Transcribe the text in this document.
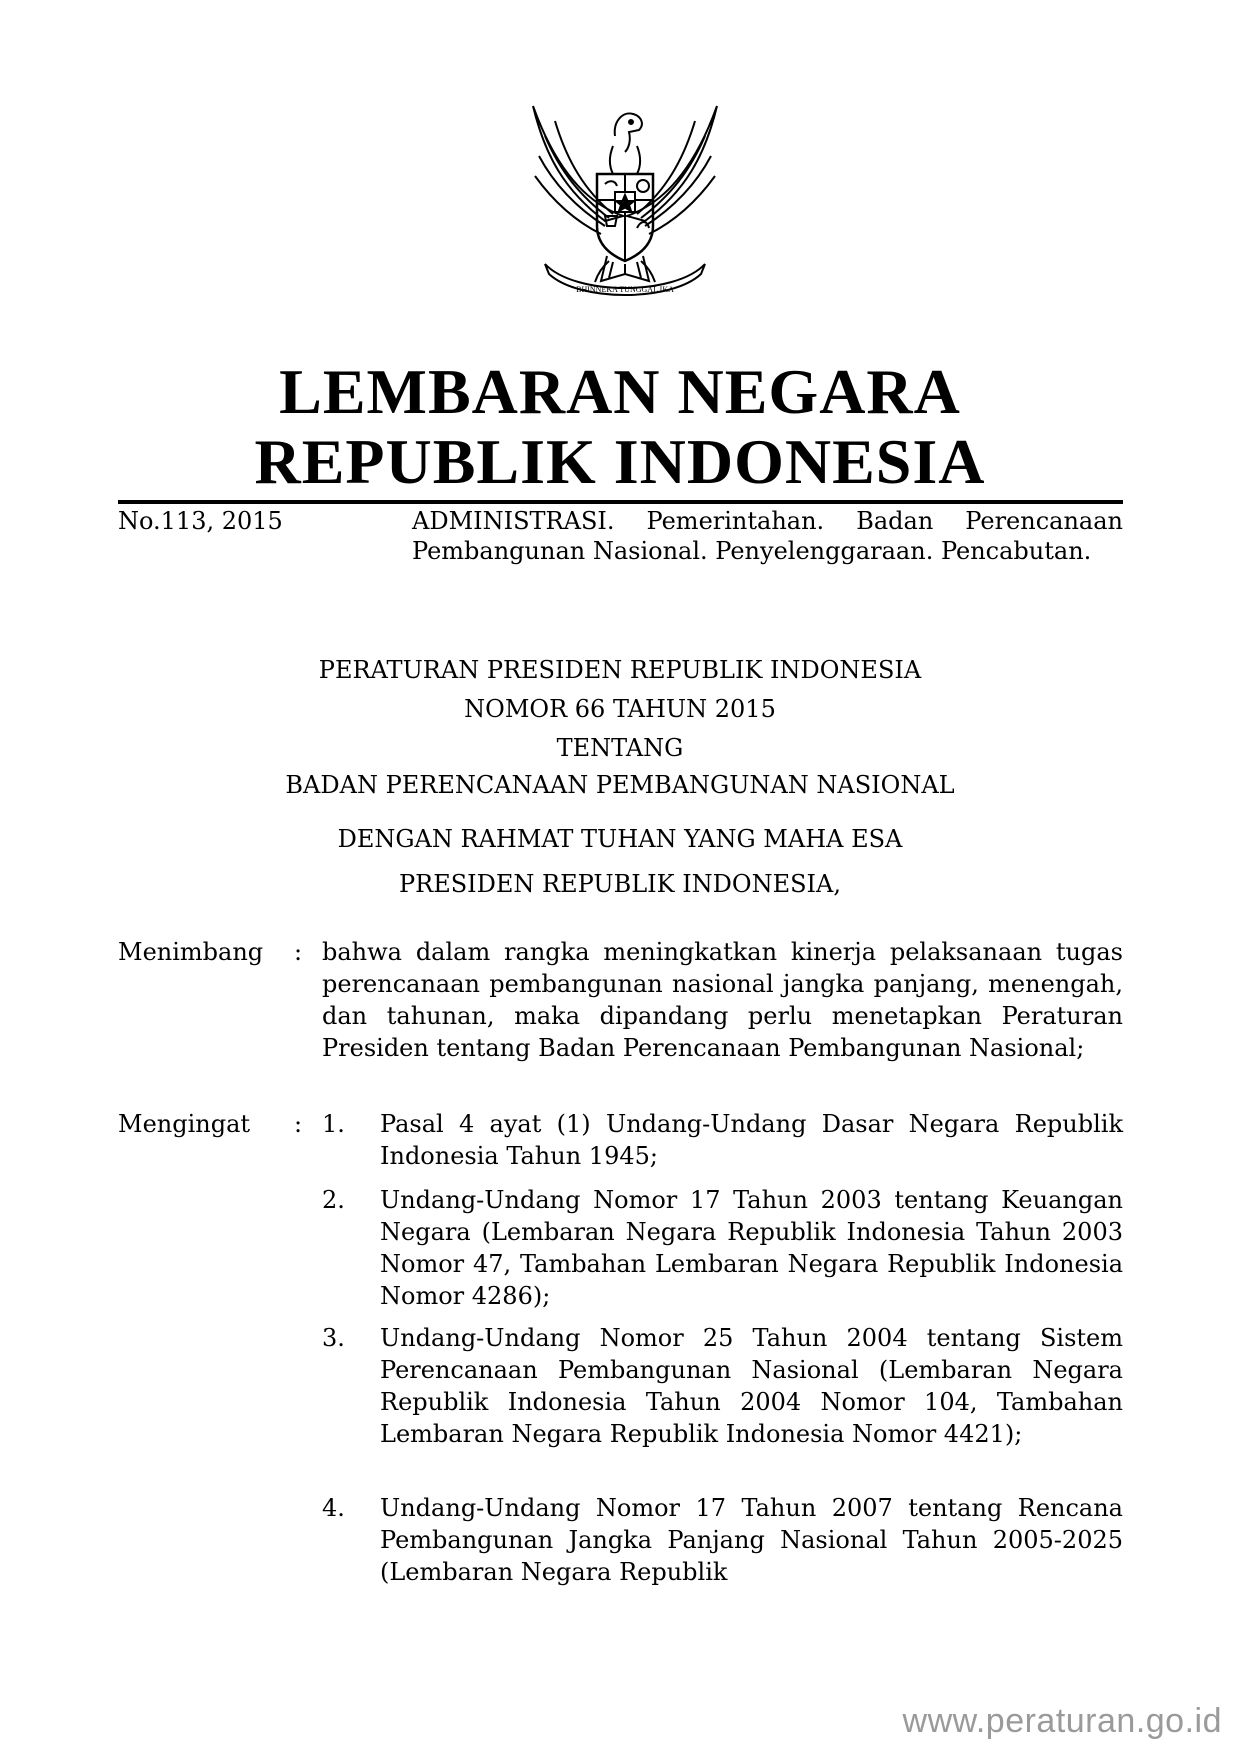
BHINNEKA TUNGGAL IKA
LEMBARAN NEGARA
REPUBLIK INDONESIA
No.113, 2015	ADMINISTRASI. Pemerintahan. Badan Perencanaan Pembangunan Nasional. Penyelenggaraan. Pencabutan.
PERATURAN PRESIDEN REPUBLIK INDONESIA
NOMOR 66 TAHUN 2015
TENTANG
BADAN PERENCANAAN PEMBANGUNAN NASIONAL
DENGAN RAHMAT TUHAN YANG MAHA ESA
PRESIDEN REPUBLIK INDONESIA,
Menimbang : bahwa dalam rangka meningkatkan kinerja pelaksanaan tugas perencanaan pembangunan nasional jangka panjang, menengah, dan tahunan, maka dipandang perlu menetapkan Peraturan Presiden tentang Badan Perencanaan Pembangunan Nasional;
Mengingat : 1. Pasal 4 ayat (1) Undang-Undang Dasar Negara Republik Indonesia Tahun 1945;
2. Undang-Undang Nomor 17 Tahun 2003 tentang Keuangan Negara (Lembaran Negara Republik Indonesia Tahun 2003 Nomor 47, Tambahan Lembaran Negara Republik Indonesia Nomor 4286);
3. Undang-Undang Nomor 25 Tahun 2004 tentang Sistem Perencanaan Pembangunan Nasional (Lembaran Negara Republik Indonesia Tahun 2004 Nomor 104, Tambahan Lembaran Negara Republik Indonesia Nomor 4421);
4. Undang-Undang Nomor 17 Tahun 2007 tentang Rencana Pembangunan Jangka Panjang Nasional Tahun 2005-2025 (Lembaran Negara Republik
www.peraturan.go.id
